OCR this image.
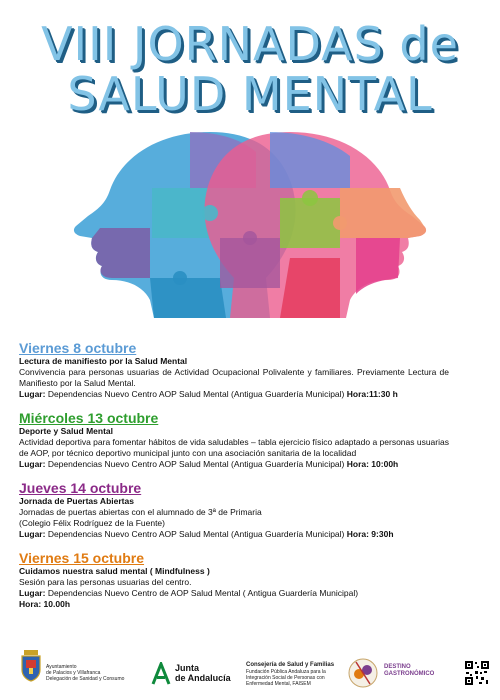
VIII JORNADAS de
SALUD MENTAL
Viernes 8 octubre
Lectura de manifiesto por la Salud Mental
Convivencia para personas usuarias de Actividad Ocupacional Polivalente y familiares. Previamente Lectura de Manifiesto por la Salud Mental.
Lugar: Dependencias Nuevo Centro AOP Salud Mental (Antigua Guardería Municipal) Hora:11:30 h
Miércoles 13 octubre
Deporte y Salud Mental
Actividad deportiva para fomentar hábitos de vida saludables – tabla ejercicio físico adaptado a personas usuarias de AOP, por técnico deportivo municipal junto con una asociación sanitaria de la localidad
Lugar: Dependencias Nuevo Centro AOP Salud Mental (Antigua Guardería Municipal) Hora: 10:00h
Jueves 14 octubre
Jornada de Puertas Abiertas
Jornadas de puertas abiertas con el alumnado de 3ª de Primaria
(Colegio Félix Rodríguez de la Fuente)
Lugar: Dependencias Nuevo Centro AOP Salud Mental (Antigua Guardería Municipal) Hora: 9:30h
Viernes 15 octubre
Cuidamos nuestra salud mental ( Mindfulness )
Sesión para las personas usuarias del centro.
Lugar: Dependencias Nuevo Centro de AOP Salud Mental ( Antigua Guardería Municipal)
Hora: 10.00h
Ayuntamiento
de Palacios y Villafranca
Delegación de Sanidad y Consumo
Junta
de Andalucía
Consejería de Salud y Familias
Fundación Pública Andaluza para la
Integración Social de Personas con
Enfermedad Mental, FAISEM
DESTINO
GASTRONÓMICO
